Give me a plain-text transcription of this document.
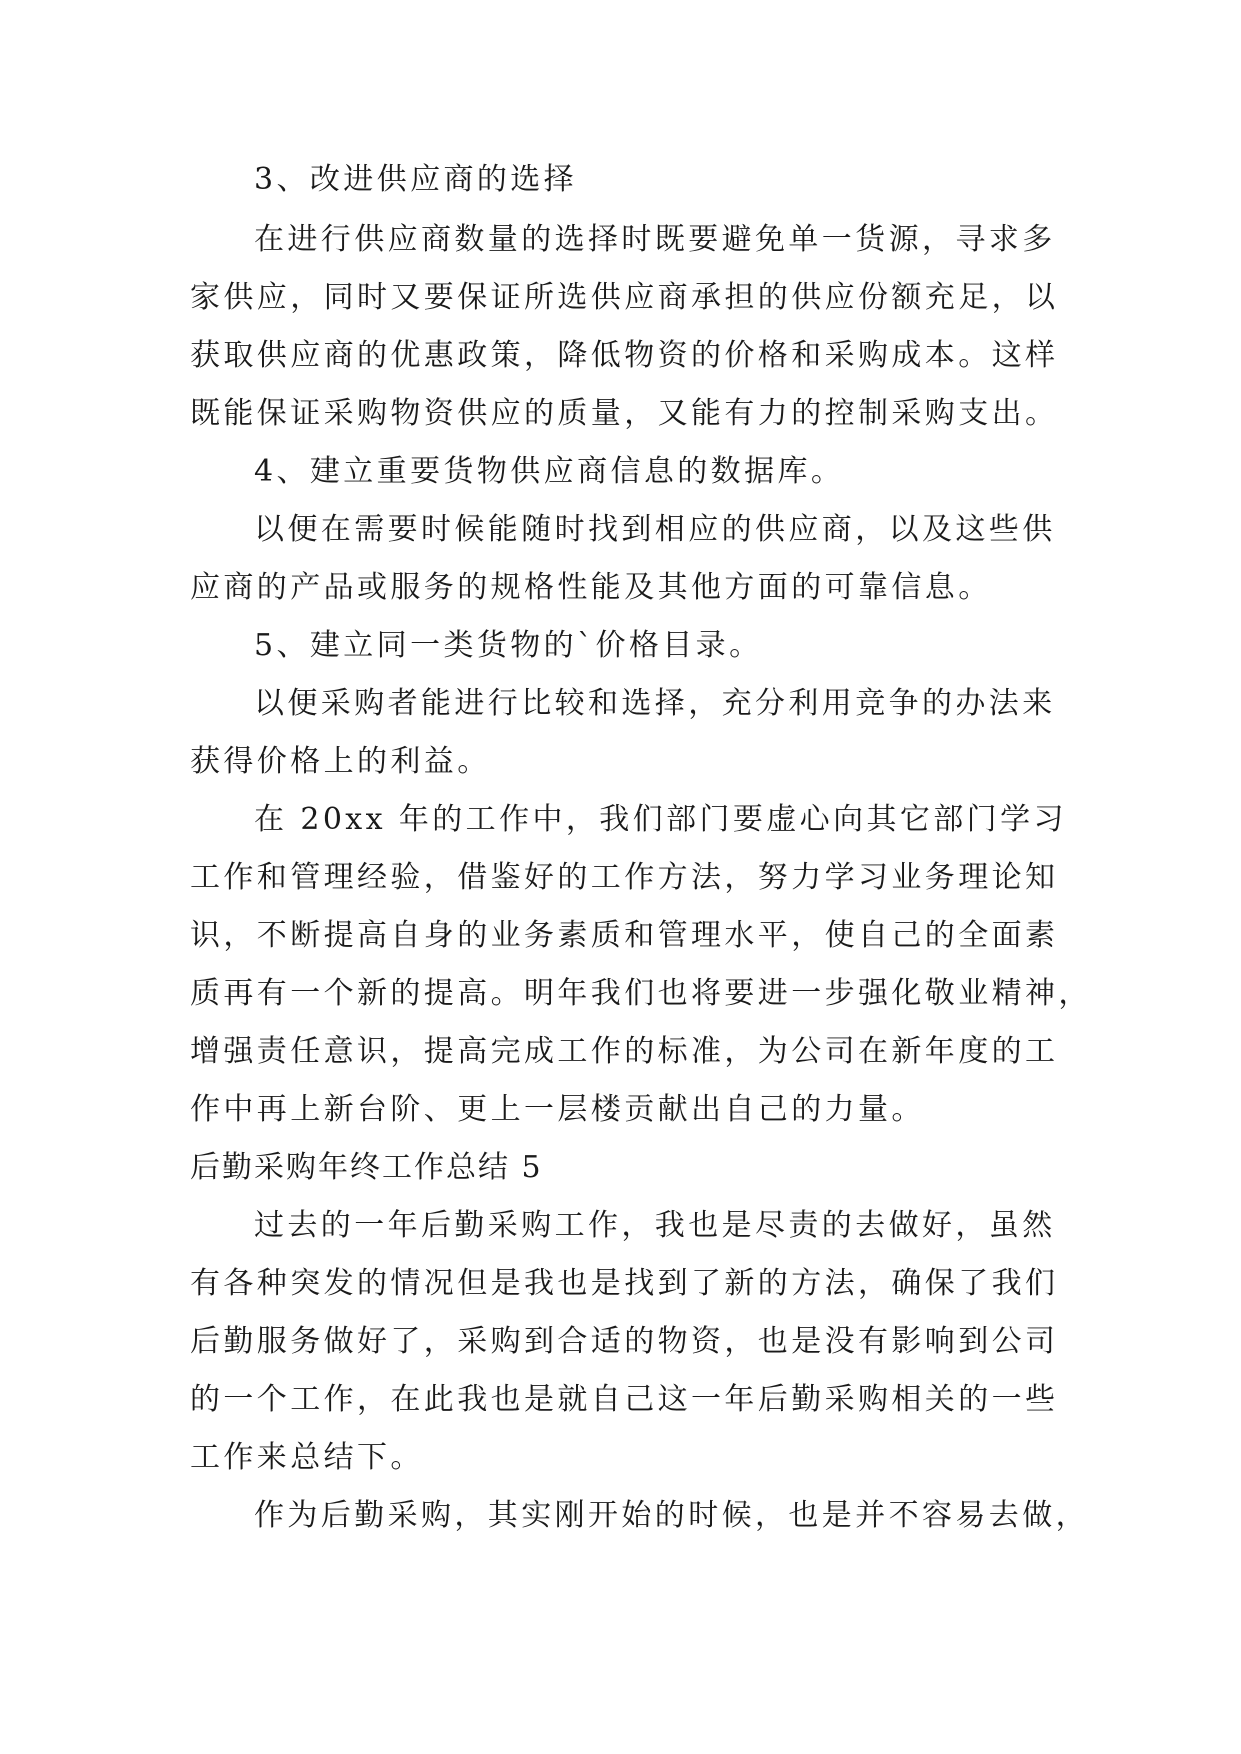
3、改进供应商的选择
在进行供应商数量的选择时既要避免单一货源，寻求多
家供应，同时又要保证所选供应商承担的供应份额充足，以
获取供应商的优惠政策，降低物资的价格和采购成本。这样
既能保证采购物资供应的质量，又能有力的控制采购支出。
4、建立重要货物供应商信息的数据库。
以便在需要时候能随时找到相应的供应商，以及这些供
应商的产品或服务的规格性能及其他方面的可靠信息。
5、建立同一类货物的`价格目录。
以便采购者能进行比较和选择，充分利用竞争的办法来
获得价格上的利益。
在 20xx 年的工作中，我们部门要虚心向其它部门学习
工作和管理经验，借鉴好的工作方法，努力学习业务理论知
识，不断提高自身的业务素质和管理水平，使自己的全面素
质再有一个新的提高。明年我们也将要进一步强化敬业精神，
增强责任意识，提高完成工作的标准，为公司在新年度的工
作中再上新台阶、更上一层楼贡献出自己的力量。
后勤采购年终工作总结 5
过去的一年后勤采购工作，我也是尽责的去做好，虽然
有各种突发的情况但是我也是找到了新的方法，确保了我们
后勤服务做好了，采购到合适的物资，也是没有影响到公司
的一个工作，在此我也是就自己这一年后勤采购相关的一些
工作来总结下。
作为后勤采购，其实刚开始的时候，也是并不容易去做，
